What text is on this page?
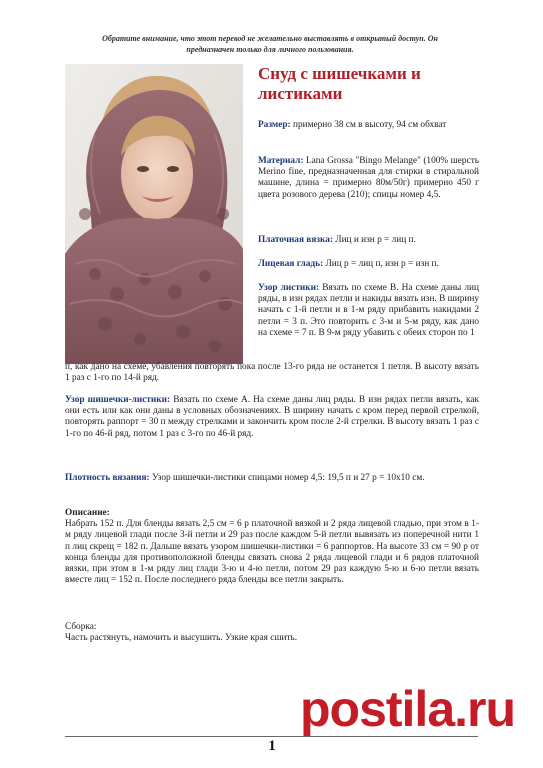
Обратите внимание, что этот перевод не желательно выставлять в открытый доступ. Он
предназначен только для личного пользования.
Снуд с шишечками и листиками
Размер: примерно 38 см в высоту, 94 см обхват
Материал: Lana Grossa "Bingo Melange" (100% шерсть Merino fine, предназначенная для стирки в стиральной машине, длина = примерно 80м/50г) примерно 450 г цвета розового дерева (210); спицы номер 4,5.
Платочная вязка: Лиц и изн р = лиц п.
Лицевая гладь: Лиц р = лиц п, изн р = изн п.
Узор листики: Вязать по схеме B. На схеме даны лиц ряды, в изн рядах петли и накиды вязать изн. В ширину начать с 1-й петли и в 1-м ряду прибавить накидами 2 петли = 3 п. Это повторить с 3-м и 5-м ряду, как дано на схеме = 7 п. В 9-м ряду убавить с обеих сторон по 1
п, как дано на схеме, убавления повторять пока после 13-го ряда не останется 1 петля. В высоту вязать 1 раз с 1-го по 14-й ряд.
Узор шишечки-листики: Вязать по схеме A. На схеме даны лиц ряды. В изн рядах петли вязать, как они есть или как они даны в условных обозначениях. В ширину начать с кром перед первой стрелкой, повторять раппорт = 30 п между стрелками и закончить кром после 2-й стрелки. В высоту вязать 1 раз с 1-го по 46-й ряд, потом 1 раз с 3-го по 46-й ряд.
Плотность вязания: Узор шишечки-листики спицами номер 4,5: 19,5 п и 27 р = 10х10 см.
Описание:
Набрать 152 п. Для бленды вязать 2,5 см = 6 р платочной вязкой и 2 ряда лицевой гладью, при этом в 1-м ряду лицевой глади после 3-й петли и 29 раз после каждом 5-й петли вывязать из поперечной нити 1 п лиц скрещ = 182 п. Дальше вязать узором шишечки-листики = 6 раппортов. На высоте 33 см = 90 р от конца бленды для противоположной бленды связать снова 2 ряда лицевой глади и 6 рядов платочной вязки, при этом в 1-м ряду лиц глади 3-ю и 4-ю петли, потом 29 раз каждую 5-ю и 6-ю петли вязать вместе лиц = 152 п. После последнего ряда бленды все петли закрыть.
Сборка:
Часть растянуть, намочить и высушить. Узкие края сшить.
postila.ru
1
